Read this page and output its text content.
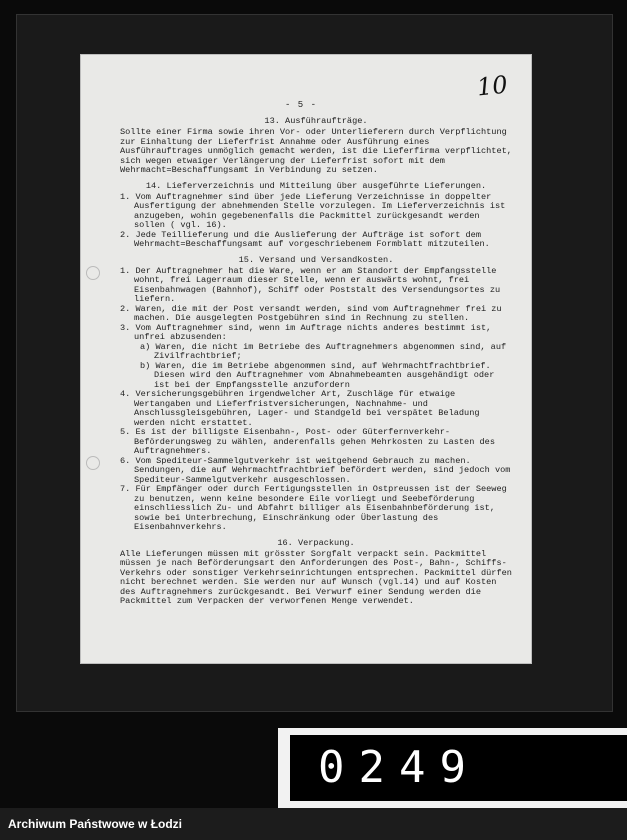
10
- 5 -
13. Ausführaufträge.

Sollte einer Firma sowie ihren Vor- oder Unterlieferern durch Verpflichtung zur Einhaltung der Lieferfrist Annahme oder Ausführung eines Ausführauftrages unmöglich gemacht werden, ist die Lieferfirma verpflichtet, sich wegen etwaiger Verlängerung der Lieferfrist sofort mit dem Wehrmacht=Beschaffungsamt in Verbindung zu setzen.

14. Lieferverzeichnis und Mitteilung über ausgeführte Lieferungen.

1. Vom Auftragnehmer sind über jede Lieferung Verzeichnisse in doppelter Ausfertigung der abnehmenden Stelle vorzulegen. Im Lieferverzeichnis ist anzugeben, wohin gegebenenfalls die Packmittel zurückgesandt werden sollen ( vgl. 16).

2. Jede Teillieferung und die Auslieferung der Aufträge ist sofort dem Wehrmacht=Beschaffungsamt auf vorgeschriebenem Formblatt mitzuteilen.

15. Versand und Versandkosten.

1. Der Auftragnehmer hat die Ware, wenn er am Standort der Empfangsstelle wohnt, frei Lagerraum dieser Stelle, wenn er auswärts wohnt, frei Eisenbahnwagen (Bahnhof), Schiff oder Poststalt des Versendungsortes zu liefern.

2. Waren, die mit der Post versandt werden, sind vom Auftragnehmer frei zu machen. Die ausgelegten Postgebühren sind in Rechnung zu stellen.

3. Vom Auftragnehmer sind, wenn im Auftrage nichts anderes bestimmt ist, unfrei abzusenden:

a) Waren, die nicht im Betriebe des Auftragnehmers abgenommen sind, auf Zivilfrachtbrief;

b) Waren, die im Betriebe abgenommen sind, auf Wehrmachtfrachtbrief. Diesen wird den Auftragnehmer vom Abnahmebeamten ausgehändigt oder ist bei der Empfangsstelle anzufordern

4. Versicherungsgebühren irgendwelcher Art, Zuschläge für etwaige Wertangaben und Lieferfristversicherungen, Nachnahme- und Anschlussgleisgebühren, Lager- und Standgeld bei verspätet Beladung werden nicht erstattet.

5. Es ist der billigste Eisenbahn-, Post- oder Güterfernverkehr-Beförderungsweg zu wählen, anderenfalls gehen Mehrkosten zu Lasten des Auftragnehmers.

6. Vom Spediteur-Sammelgutverkehr ist weitgehend Gebrauch zu machen. Sendungen, die auf Wehrmachtfrachtbrief befördert werden, sind jedoch vom Spediteur-Sammelgutverkehr ausgeschlossen.

7. Für Empfänger oder durch Fertigungsstellen in Ostpreussen ist der Seeweg zu benutzen, wenn keine besondere Eile vorliegt und Seebeförderung einschliesslich Zu- und Abfahrt billiger als Eisenbahnbeförderung ist, sowie bei Unterbrechung, Einschränkung oder Überlastung des Eisenbahnverkehrs.

16. Verpackung.

Alle Lieferungen müssen mit grösster Sorgfalt verpackt sein. Packmittel müssen je nach Beförderungsart den Anforderungen des Post-, Bahn-, Schiffs-Verkehrs oder sonstiger Verkehrseinrichtungen entsprechen. Packmittel dürfen nicht berechnet werden. Sie werden nur auf Wunsch (vgl.14) und auf Kosten des Auftragnehmers zurückgesandt. Bei Verwurf einer Sendung werden die Packmittel zum Verpacken der verworfenen Menge verwendet.

0249
Archiwum Państwowe w Łodzi
